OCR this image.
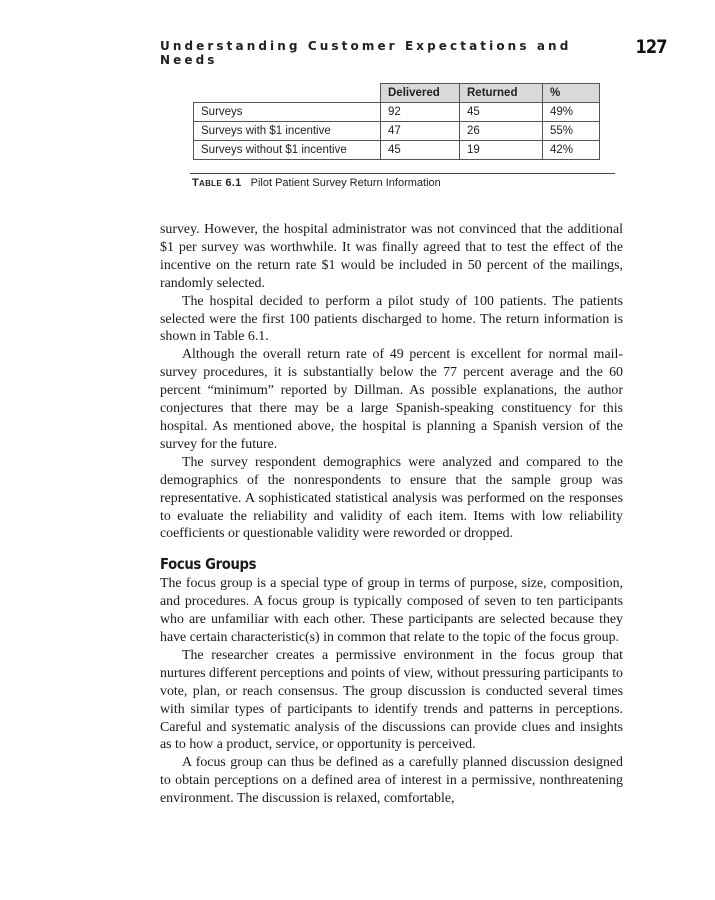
Understanding Customer Expectations and Needs
127
	Delivered	Returned	%
Surveys	92	45	49%
Surveys with $1 incentive	47	26	55%
Surveys without $1 incentive	45	19	42%
Table 6.1 Pilot Patient Survey Return Information

survey. However, the hospital administrator was not convinced that the additional $1 per survey was worthwhile. It was finally agreed that to test the effect of the incentive on the return rate $1 would be included in 50 percent of the mailings, randomly selected.

The hospital decided to perform a pilot study of 100 patients. The patients selected were the first 100 patients discharged to home. The return information is shown in Table 6.1.

Although the overall return rate of 49 percent is excellent for normal mail-survey procedures, it is substantially below the 77 percent average and the 60 percent “minimum” reported by Dillman. As possible explanations, the author conjectures that there may be a large Spanish-speaking constituency for this hospital. As mentioned above, the hospital is planning a Spanish version of the survey for the future.

The survey respondent demographics were analyzed and compared to the demographics of the nonrespondents to ensure that the sample group was representative. A sophisticated statistical analysis was performed on the responses to evaluate the reliability and validity of each item. Items with low reliability coefficients or questionable validity were reworded or dropped.

Focus Groups

The focus group is a special type of group in terms of purpose, size, composition, and procedures. A focus group is typically composed of seven to ten participants who are unfamiliar with each other. These participants are selected because they have certain characteristic(s) in common that relate to the topic of the focus group.

The researcher creates a permissive environment in the focus group that nurtures different perceptions and points of view, without pressuring participants to vote, plan, or reach consensus. The group discussion is conducted several times with similar types of participants to identify trends and patterns in perceptions. Careful and systematic analysis of the discussions can provide clues and insights as to how a product, service, or opportunity is perceived.

A focus group can thus be defined as a carefully planned discussion designed to obtain perceptions on a defined area of interest in a permissive, nonthreatening environment. The discussion is relaxed, comfortable,
